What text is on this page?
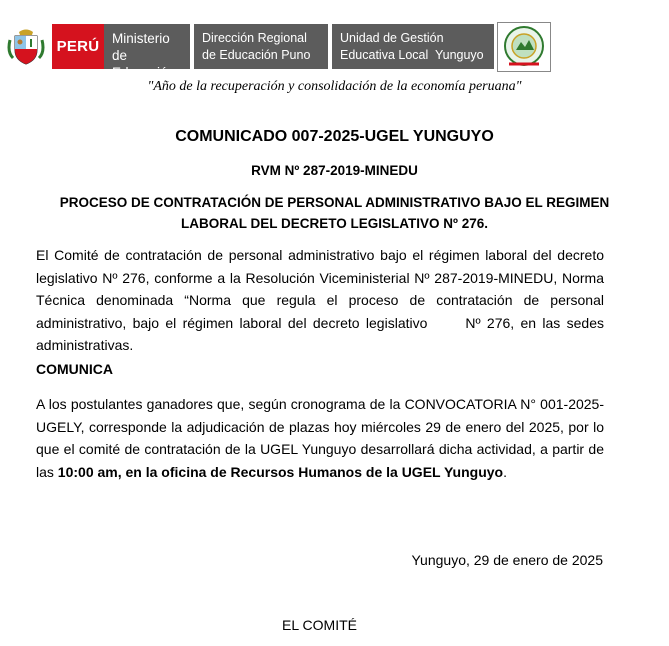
PERÚ Ministerio
de Educación
Dirección Regional
de Educación Puno
Unidad de Gestión
Educativa Local  Yunguyo
"Año de la recuperación y consolidación de la economía peruana"
COMUNICADO 007-2025-UGEL YUNGUYO
RVM Nº 287-2019-MINEDU
PROCESO DE CONTRATACIÓN DE PERSONAL ADMINISTRATIVO BAJO EL REGIMEN
LABORAL DEL DECRETO LEGISLATIVO Nº 276.
El Comité de contratación de personal administrativo bajo el régimen laboral del decreto legislativo Nº 276, conforme a la Resolución Viceministerial Nº 287-2019-MINEDU, Norma Técnica denominada “Norma que regula el proceso de contratación de personal administrativo, bajo el régimen laboral del decreto legislativo      Nº 276, en las sedes administrativas.
COMUNICA
A los postulantes ganadores que, según cronograma de la CONVOCATORIA N° 001-2025-UGELY, corresponde la adjudicación de plazas hoy miércoles 29 de enero del 2025, por lo que el comité de contratación de la UGEL Yunguyo desarrollará dicha actividad, a partir de las 10:00 am, en la oficina de Recursos Humanos de la UGEL Yunguyo.
Yunguyo, 29 de enero de 2025
EL COMITÉ
